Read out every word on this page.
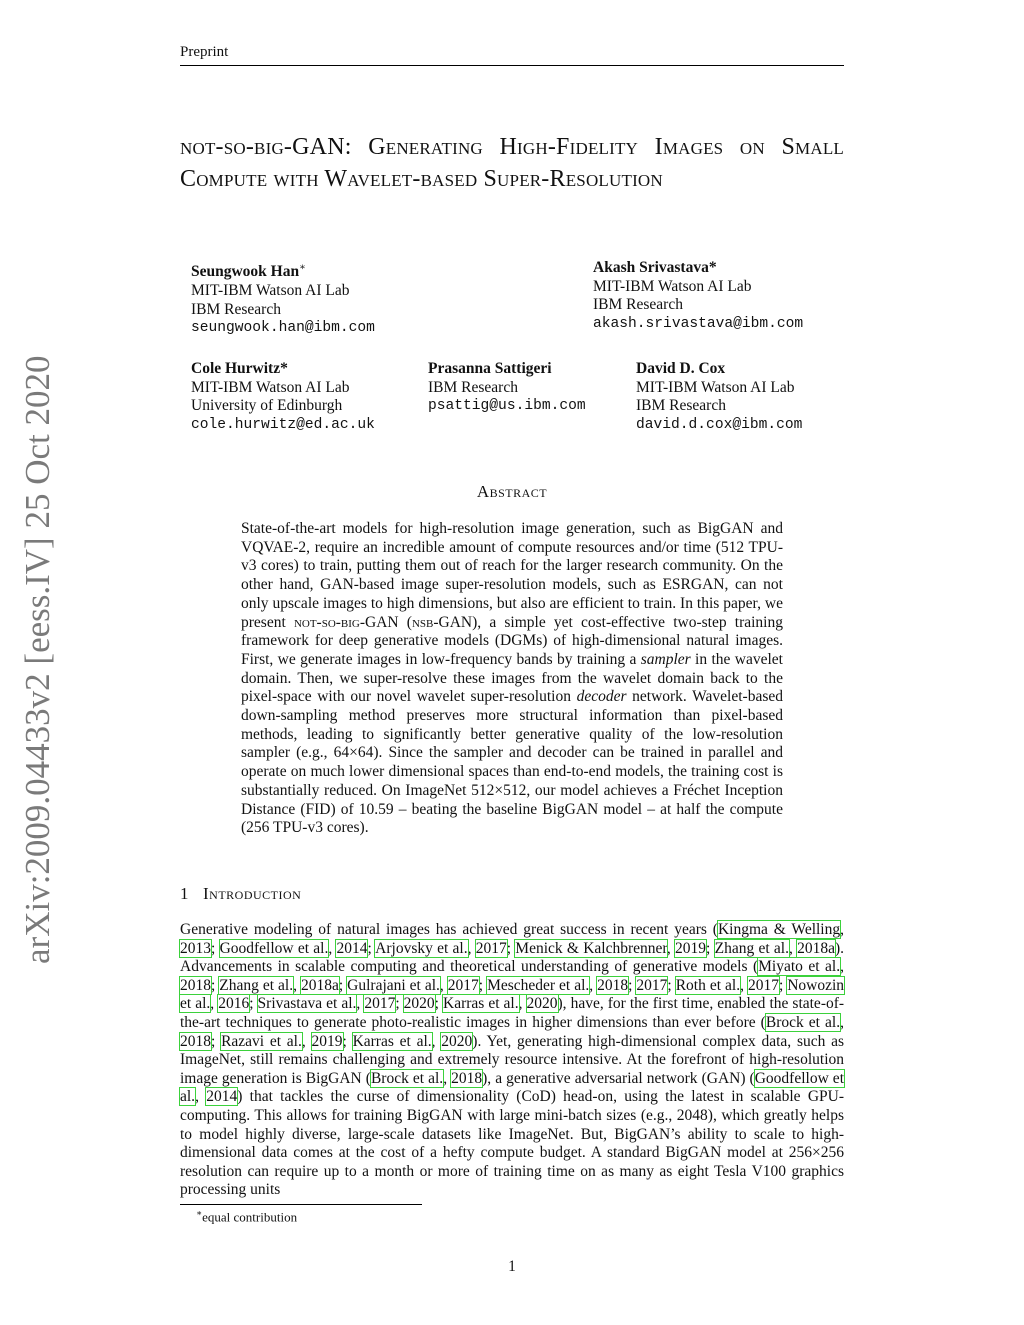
Preprint
arXiv:2009.04433v2 [eess.IV] 25 Oct 2020
not-so-big-GAN: Generating High-Fidelity Images on Small Compute with Wavelet-based Super-Resolution
Seungwook Han∗
MIT-IBM Watson AI Lab
IBM Research
seungwook.han@ibm.com
Akash Srivastava*
MIT-IBM Watson AI Lab
IBM Research
akash.srivastava@ibm.com
Cole Hurwitz*
MIT-IBM Watson AI Lab
University of Edinburgh
cole.hurwitz@ed.ac.uk
Prasanna Sattigeri
IBM Research
psattig@us.ibm.com
David D. Cox
MIT-IBM Watson AI Lab
IBM Research
david.d.cox@ibm.com
Abstract
State-of-the-art models for high-resolution image generation, such as BigGAN and VQVAE-2, require an incredible amount of compute resources and/or time (512 TPU-v3 cores) to train, putting them out of reach for the larger research community. On the other hand, GAN-based image super-resolution models, such as ESRGAN, can not only upscale images to high dimensions, but also are efficient to train. In this paper, we present not-so-big-GAN (nsb-GAN), a simple yet cost-effective two-step training framework for deep generative models (DGMs) of high-dimensional natural images. First, we generate images in low-frequency bands by training a sampler in the wavelet domain. Then, we super-resolve these images from the wavelet domain back to the pixel-space with our novel wavelet super-resolution decoder network. Wavelet-based down-sampling method preserves more structural information than pixel-based methods, leading to significantly better generative quality of the low-resolution sampler (e.g., 64×64). Since the sampler and decoder can be trained in parallel and operate on much lower dimensional spaces than end-to-end models, the training cost is substantially reduced. On ImageNet 512×512, our model achieves a Fréchet Inception Distance (FID) of 10.59 – beating the baseline BigGAN model – at half the compute (256 TPU-v3 cores).
1 Introduction
Generative modeling of natural images has achieved great success in recent years (Kingma & Welling, 2013; Goodfellow et al., 2014; Arjovsky et al., 2017; Menick & Kalchbrenner, 2019; Zhang et al., 2018a). Advancements in scalable computing and theoretical understanding of generative models (Miyato et al., 2018; Zhang et al., 2018a; Gulrajani et al., 2017; Mescheder et al., 2018; 2017; Roth et al., 2017; Nowozin et al., 2016; Srivastava et al., 2017; 2020; Karras et al., 2020), have, for the first time, enabled the state-of-the-art techniques to generate photo-realistic images in higher dimensions than ever before (Brock et al., 2018; Razavi et al., 2019; Karras et al., 2020). Yet, generating high-dimensional complex data, such as ImageNet, still remains challenging and extremely resource intensive. At the forefront of high-resolution image generation is BigGAN (Brock et al., 2018), a generative adversarial network (GAN) (Goodfellow et al., 2014) that tackles the curse of dimensionality (CoD) head-on, using the latest in scalable GPU-computing. This allows for training BigGAN with large mini-batch sizes (e.g., 2048), which greatly helps to model highly diverse, large-scale datasets like ImageNet. But, BigGAN’s ability to scale to high-dimensional data comes at the cost of a hefty compute budget. A standard BigGAN model at 256×256 resolution can require up to a month or more of training time on as many as eight Tesla V100 graphics processing units
∗equal contribution
1
